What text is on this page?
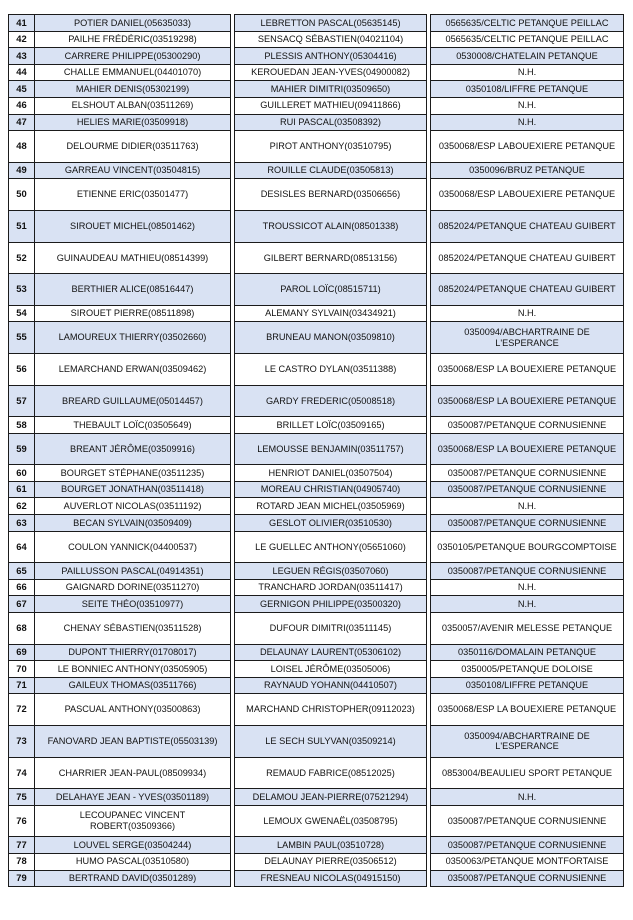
41	POTIER DANIEL(05635033)		LEBRETTON PASCAL(05635145)		0565635/CELTIC PETANQUE PEILLAC
42	PAILHE FRÉDÉRIC(03519298)		SENSACQ SÉBASTIEN(04021104)		0565635/CELTIC PETANQUE PEILLAC
43	CARRERE PHILIPPE(05300290)		PLESSIS ANTHONY(05304416)		0530008/CHATELAIN PETANQUE
44	CHALLE EMMANUEL(04401070)		KEROUEDAN JEAN-YVES(04900082)		N.H.
45	MAHIER DENIS(05302199)		MAHIER DIMITRI(03509650)		0350108/LIFFRE PETANQUE
46	ELSHOUT ALBAN(03511269)		GUILLERET MATHIEU(09411866)		N.H.
47	HELIES MARIE(03509918)		RUI PASCAL(03508392)		N.H.
48	DELOURME DIDIER(03511763)		PIROT ANTHONY(03510795)		0350068/ESP LABOUEXIERE PETANQUE
49	GARREAU VINCENT(03504815)		ROUILLE CLAUDE(03505813)		0350096/BRUZ PETANQUE
50	ETIENNE ERIC(03501477)		DESISLES BERNARD(03506656)		0350068/ESP LABOUEXIERE PETANQUE
51	SIROUET MICHEL(08501462)		TROUSSICOT ALAIN(08501338)		0852024/PETANQUE CHATEAU GUIBERT
52	GUINAUDEAU MATHIEU(08514399)		GILBERT BERNARD(08513156)		0852024/PETANQUE CHATEAU GUIBERT
53	BERTHIER ALICE(08516447)		PAROL LOÏC(08515711)		0852024/PETANQUE CHATEAU GUIBERT
54	SIROUET PIERRE(08511898)		ALEMANY SYLVAIN(03434921)		N.H.
55	LAMOUREUX THIERRY(03502660)		BRUNEAU MANON(03509810)		0350094/ABCHARTRAINE DE L'ESPERANCE
56	LEMARCHAND ERWAN(03509462)		LE CASTRO DYLAN(03511388)		0350068/ESP LA BOUEXIERE PETANQUE
57	BREARD GUILLAUME(05014457)		GARDY FREDERIC(05008518)		0350068/ESP LA BOUEXIERE PETANQUE
58	THEBAULT LOÏC(03505649)		BRILLET LOÏC(03509165)		0350087/PETANQUE CORNUSIENNE
59	BREANT JÉRÔME(03509916)		LEMOUSSE BENJAMIN(03511757)		0350068/ESP LA BOUEXIERE PETANQUE
60	BOURGET STÉPHANE(03511235)		HENRIOT DANIEL(03507504)		0350087/PETANQUE CORNUSIENNE
61	BOURGET JONATHAN(03511418)		MOREAU CHRISTIAN(04905740)		0350087/PETANQUE CORNUSIENNE
62	AUVERLOT NICOLAS(03511192)		ROTARD JEAN MICHEL(03505969)		N.H.
63	BECAN SYLVAIN(03509409)		GESLOT OLIVIER(03510530)		0350087/PETANQUE CORNUSIENNE
64	COULON YANNICK(04400537)		LE GUELLEC ANTHONY(05651060)		0350105/PETANQUE BOURGCOMPTOISE
65	PAILLUSSON PASCAL(04914351)		LEGUEN RÉGIS(03507060)		0350087/PETANQUE CORNUSIENNE
66	GAIGNARD DORINE(03511270)		TRANCHARD JORDAN(03511417)		N.H.
67	SEITE THÉO(03510977)		GERNIGON PHILIPPE(03500320)		N.H.
68	CHENAY SÉBASTIEN(03511528)		DUFOUR DIMITRI(03511145)		0350057/AVENIR MELESSE PETANQUE
69	DUPONT THIERRY(01708017)		DELAUNAY LAURENT(05306102)		0350116/DOMALAIN PETANQUE
70	LE BONNIEC ANTHONY(03505905)		LOISEL JÉRÔME(03505006)		0350005/PETANQUE DOLOISE
71	GAILEUX THOMAS(03511766)		RAYNAUD YOHANN(04410507)		0350108/LIFFRE PETANQUE
72	PASCUAL ANTHONY(03500863)		MARCHAND CHRISTOPHER(09112023)		0350068/ESP LA BOUEXIERE PETANQUE
73	FANOVARD JEAN BAPTISTE(05503139)		LE SECH SULYVAN(03509214)		0350094/ABCHARTRAINE DE L'ESPERANCE
74	CHARRIER JEAN-PAUL(08509934)		REMAUD FABRICE(08512025)		0853004/BEAULIEU SPORT PETANQUE
75	DELAHAYE JEAN - YVES(03501189)		DELAMOU JEAN-PIERRE(07521294)		N.H.
76	LECOUPANEC VINCENT ROBERT(03509366)		LEMOUX GWENAËL(03508795)		0350087/PETANQUE CORNUSIENNE
77	LOUVEL SERGE(03504244)		LAMBIN PAUL(03510728)		0350087/PETANQUE CORNUSIENNE
78	HUMO PASCAL(03510580)		DELAUNAY PIERRE(03506512)		0350063/PETANQUE MONTFORTAISE
79	BERTRAND DAVID(03501289)		FRESNEAU NICOLAS(04915150)		0350087/PETANQUE CORNUSIENNE
